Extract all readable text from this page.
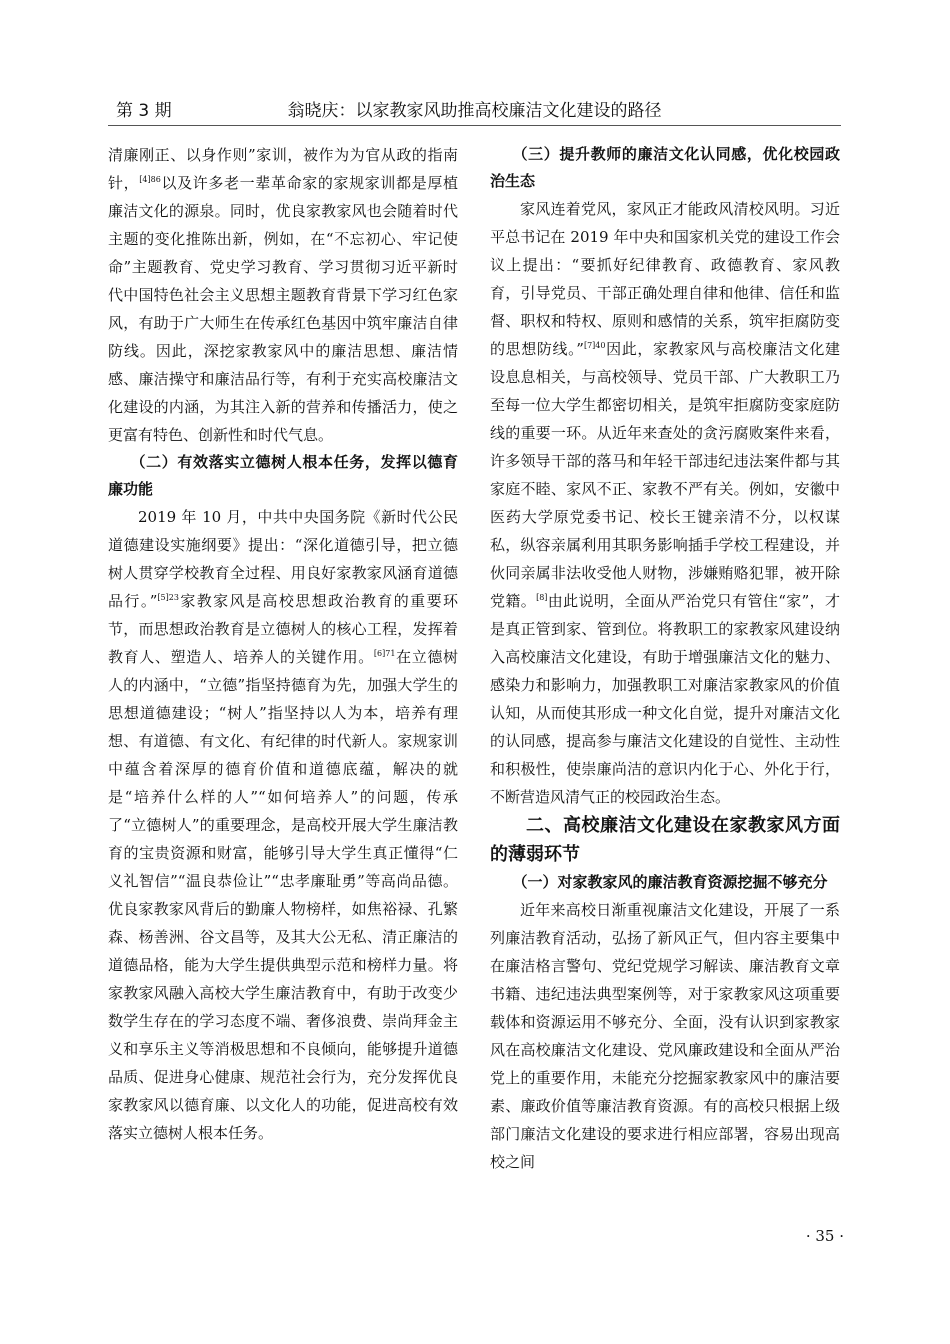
第 3 期	翁晓庆：以家教家风助推高校廉洁文化建设的路径

清廉刚正、以身作则”家训，被作为为官从政的指南针，$^{[4]86}$以及许多老一辈革命家的家规家训都是厚植廉洁文化的源泉。同时，优良家教家风也会随着时代主题的变化推陈出新，例如，在“不忘初心、牢记使命”主题教育、党史学习教育、学习贯彻习近平新时代中国特色社会主义思想主题教育背景下学习红色家风，有助于广大师生在传承红色基因中筑牢廉洁自律防线。因此，深挖家教家风中的廉洁思想、廉洁情感、廉洁操守和廉洁品行等，有利于充实高校廉洁文化建设的内涵，为其注入新的营养和传播活力，使之更富有特色、创新性和时代气息。

（二）有效落实立德树人根本任务，发挥以德育廉功能

2019 年 10 月，中共中央国务院《新时代公民道德建设实施纲要》提出：“深化道德引导，把立德树人贯穿学校教育全过程、用良好家教家风涵育道德品行。”$^{[5]23}$家教家风是高校思想政治教育的重要环节，而思想政治教育是立德树人的核心工程，发挥着教育人、塑造人、培养人的关键作用。$^{[6]71}$在立德树人的内涵中，“立德”指坚持德育为先，加强大学生的思想道德建设；“树人”指坚持以人为本，培养有理想、有道德、有文化、有纪律的时代新人。家规家训中蕴含着深厚的德育价值和道德底蕴，解决的就是“培养什么样的人”“如何培养人”的问题，传承了“立德树人”的重要理念，是高校开展大学生廉洁教育的宝贵资源和财富，能够引导大学生真正懂得“仁义礼智信”“温良恭俭让”“忠孝廉耻勇”等高尚品德。优良家教家风背后的勤廉人物榜样，如焦裕禄、孔繁森、杨善洲、谷文昌等，及其大公无私、清正廉洁的道德品格，能为大学生提供典型示范和榜样力量。将家教家风融入高校大学生廉洁教育中，有助于改变少数学生存在的学习态度不端、奢侈浪费、崇尚拜金主义和享乐主义等消极思想和不良倾向，能够提升道德品质、促进身心健康、规范社会行为，充分发挥优良家教家风以德育廉、以文化人的功能，促进高校有效落实立德树人根本任务。

（三）提升教师的廉洁文化认同感，优化校园政治生态

家风连着党风，家风正才能政风清校风明。习近平总书记在 2019 年中央和国家机关党的建设工作会议上提出：“要抓好纪律教育、政德教育、家风教育，引导党员、干部正确处理自律和他律、信任和监督、职权和特权、原则和感情的关系，筑牢拒腐防变的思想防线。”$^{[7]40}$因此，家教家风与高校廉洁文化建设息息相关，与高校领导、党员干部、广大教职工乃至每一位大学生都密切相关，是筑牢拒腐防变家庭防线的重要一环。从近年来查处的贪污腐败案件来看，许多领导干部的落马和年轻干部违纪违法案件都与其家庭不睦、家风不正、家教不严有关。例如，安徽中医药大学原党委书记、校长王键亲清不分，以权谋私，纵容亲属利用其职务影响插手学校工程建设，并伙同亲属非法收受他人财物，涉嫌贿赂犯罪，被开除党籍。[8]由此说明，全面从严治党只有管住“家”，才是真正管到家、管到位。将教职工的家教家风建设纳入高校廉洁文化建设，有助于增强廉洁文化的魅力、感染力和影响力，加强教职工对廉洁家教家风的价值认知，从而使其形成一种文化自觉，提升对廉洁文化的认同感，提高参与廉洁文化建设的自觉性、主动性和积极性，使崇廉尚洁的意识内化于心、外化于行，不断营造风清气正的校园政治生态。

二、高校廉洁文化建设在家教家风方面的薄弱环节

（一）对家教家风的廉洁教育资源挖掘不够充分

近年来高校日渐重视廉洁文化建设，开展了一系列廉洁教育活动，弘扬了新风正气，但内容主要集中在廉洁格言警句、党纪党规学习解读、廉洁教育文章书籍、违纪违法典型案例等，对于家教家风这项重要载体和资源运用不够充分、全面，没有认识到家教家风在高校廉洁文化建设、党风廉政建设和全面从严治党上的重要作用，未能充分挖掘家教家风中的廉洁要素、廉政价值等廉洁教育资源。有的高校只根据上级部门廉洁文化建设的要求进行相应部署，容易出现高校之间

· 35 ·
